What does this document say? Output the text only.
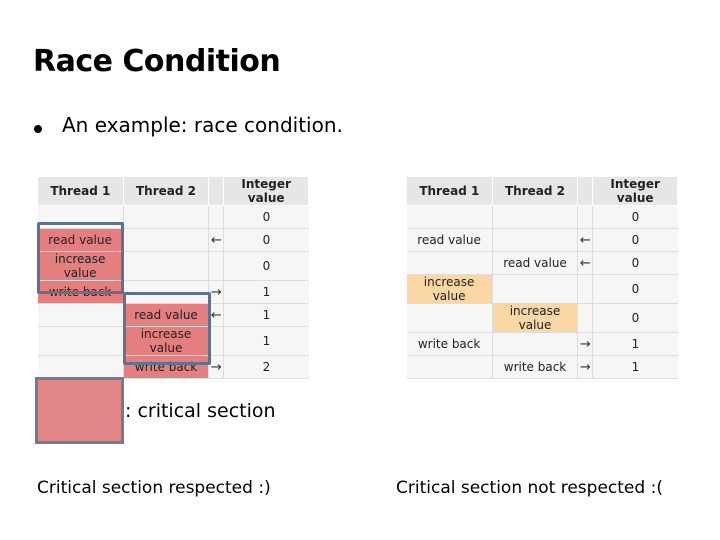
Race Condition
An example: race condition.
Thread 1	Thread 2		Integer value
			0
read value		←	0
increase value			0
write back		→	1
	read value	←	1
	increase value		1
	write back	→	2
Thread 1	Thread 2		Integer value
			0
read value		←	0
	read value	←	0
increase value			0
	increase value		0
write back		→	1
	write back	→	1
: critical section
Critical section respected :)	Critical section not respected :(
